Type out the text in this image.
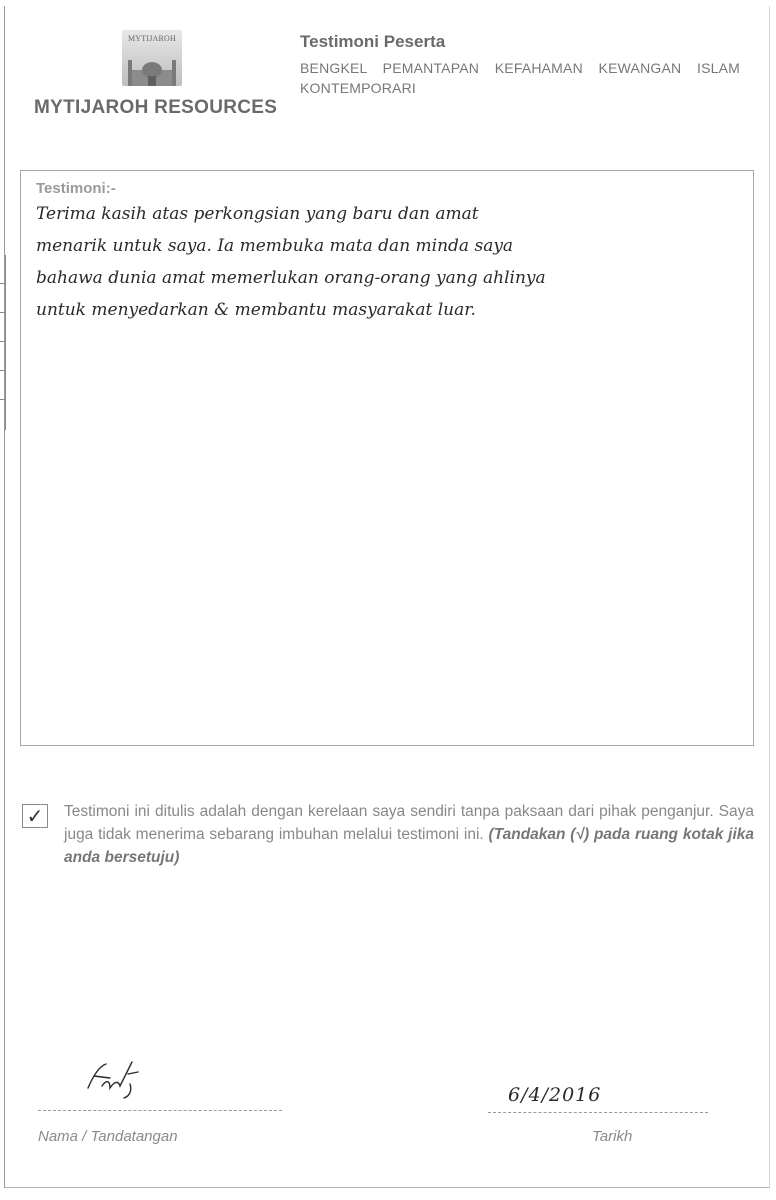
MYTIJAROH
MYTIJAROH RESOURCES
Testimoni Peserta
BENGKEL PEMANTAPAN KEFAHAMAN KEWANGAN ISLAM KONTEMPORARI
Testimoni:-
Terima kasih atas perkongsian yang baru dan amat
menarik untuk saya. Ia membuka mata dan minda saya
bahawa dunia amat memerlukan orang-orang yang ahlinya
untuk menyedarkan & membantu masyarakat luar.
✓ Testimoni ini ditulis adalah dengan kerelaan saya sendiri tanpa paksaan dari pihak penganjur. Saya juga tidak menerima sebarang imbuhan melalui testimoni ini. (Tandakan (√) pada ruang kotak jika anda bersetuju)
Nama / Tandatangan
6/4/2016
Tarikh
